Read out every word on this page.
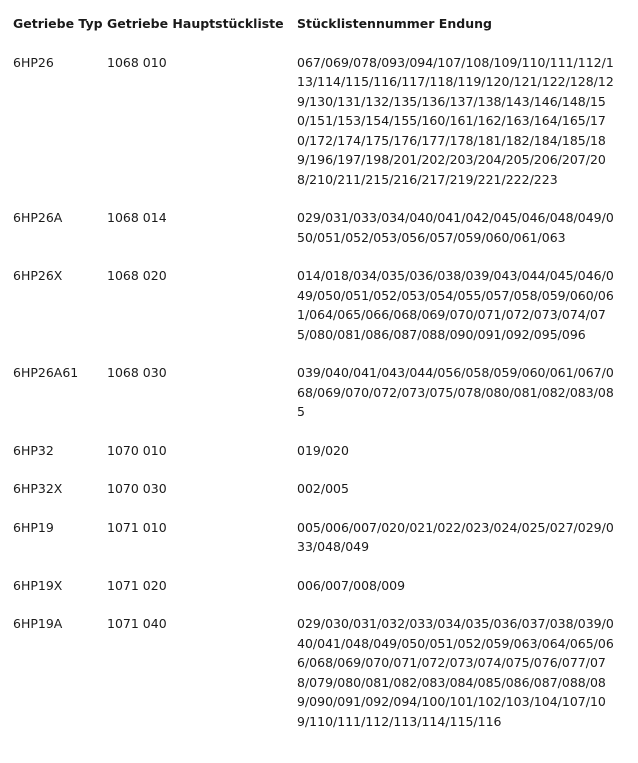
Getriebe Typ	Getriebe Hauptstückliste	Stücklistennummer Endung
6HP26	1068 010	067/069/078/093/094/107/108/109/110/111/112/113/114/115/116/117/118/119/120/121/122/128/129/130/131/132/135/136/137/138/143/146/148/150/151/153/154/155/160/161/162/163/164/165/170/172/174/175/176/177/178/181/182/184/185/189/196/197/198/201/202/203/204/205/206/207/208/210/211/215/216/217/219/221/222/223
6HP26A	1068 014	029/031/033/034/040/041/042/045/046/048/049/050/051/052/053/056/057/059/060/061/063
6HP26X	1068 020	014/018/034/035/036/038/039/043/044/045/046/049/050/051/052/053/054/055/057/058/059/060/061/064/065/066/068/069/070/071/072/073/074/075/080/081/086/087/088/090/091/092/095/096
6HP26A61	1068 030	039/040/041/043/044/056/058/059/060/061/067/068/069/070/072/073/075/078/080/081/082/083/085
6HP32	1070 010	019/020
6HP32X	1070 030	002/005
6HP19	1071 010	005/006/007/020/021/022/023/024/025/027/029/033/048/049
6HP19X	1071 020	006/007/008/009
6HP19A	1071 040	029/030/031/032/033/034/035/036/037/038/039/040/041/048/049/050/051/052/059/063/064/065/066/068/069/070/071/072/073/074/075/076/077/078/079/080/081/082/083/084/085/086/087/088/089/090/091/092/094/100/101/102/103/104/107/109/110/111/112/113/114/115/116
